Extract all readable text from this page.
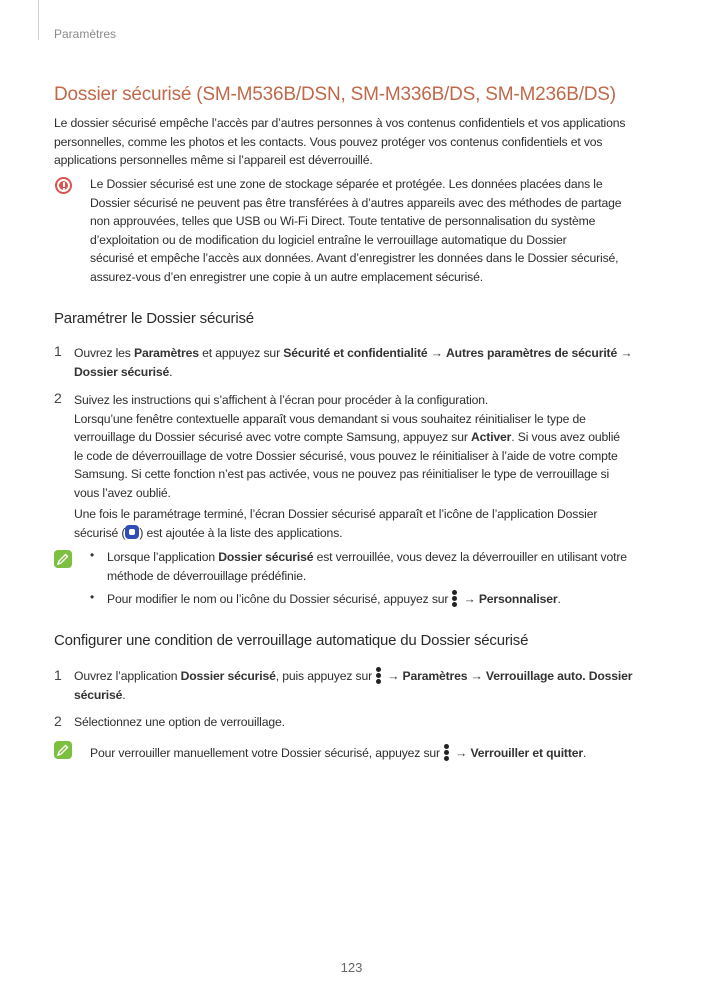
Paramètres
Dossier sécurisé (SM-M536B/DSN, SM-M336B/DS, SM-M236B/DS)
Le dossier sécurisé empêche l’accès par d’autres personnes à vos contenus confidentiels et vos applications
personnelles, comme les photos et les contacts. Vous pouvez protéger vos contenus confidentiels et vos
applications personnelles même si l’appareil est déverrouillé.
Le Dossier sécurisé est une zone de stockage séparée et protégée. Les données placées dans le
Dossier sécurisé ne peuvent pas être transférées à d’autres appareils avec des méthodes de partage
non approuvées, telles que USB ou Wi-Fi Direct. Toute tentative de personnalisation du système
d’exploitation ou de modification du logiciel entraîne le verrouillage automatique du Dossier
sécurisé et empêche l’accès aux données. Avant d’enregistrer les données dans le Dossier sécurisé,
assurez-vous d’en enregistrer une copie à un autre emplacement sécurisé.
Paramétrer le Dossier sécurisé
1 Ouvrez les Paramètres et appuyez sur Sécurité et confidentialité → Autres paramètres de sécurité →
Dossier sécurisé.
2 Suivez les instructions qui s’affichent à l’écran pour procéder à la configuration.
Lorsqu’une fenêtre contextuelle apparaît vous demandant si vous souhaitez réinitialiser le type de
verrouillage du Dossier sécurisé avec votre compte Samsung, appuyez sur Activer. Si vous avez oublié
le code de déverrouillage de votre Dossier sécurisé, vous pouvez le réinitialiser à l’aide de votre compte
Samsung. Si cette fonction n’est pas activée, vous ne pouvez pas réinitialiser le type de verrouillage si
vous l’avez oublié.
Une fois le paramétrage terminé, l’écran Dossier sécurisé apparaît et l’icône de l’application Dossier
sécurisé ( ) est ajoutée à la liste des applications.
• Lorsque l’application Dossier sécurisé est verrouillée, vous devez la déverrouiller en utilisant votre
méthode de déverrouillage prédéfinie.
• Pour modifier le nom ou l’icône du Dossier sécurisé, appuyez sur
→ Personnaliser.
Configurer une condition de verrouillage automatique du Dossier sécurisé
1 Ouvrez l’application Dossier sécurisé, puis appuyez sur
→ Paramètres → Verrouillage auto. Dossier
sécurisé.
2 Sélectionnez une option de verrouillage.
Pour verrouiller manuellement votre Dossier sécurisé, appuyez sur
→ Verrouiller et quitter.
123
